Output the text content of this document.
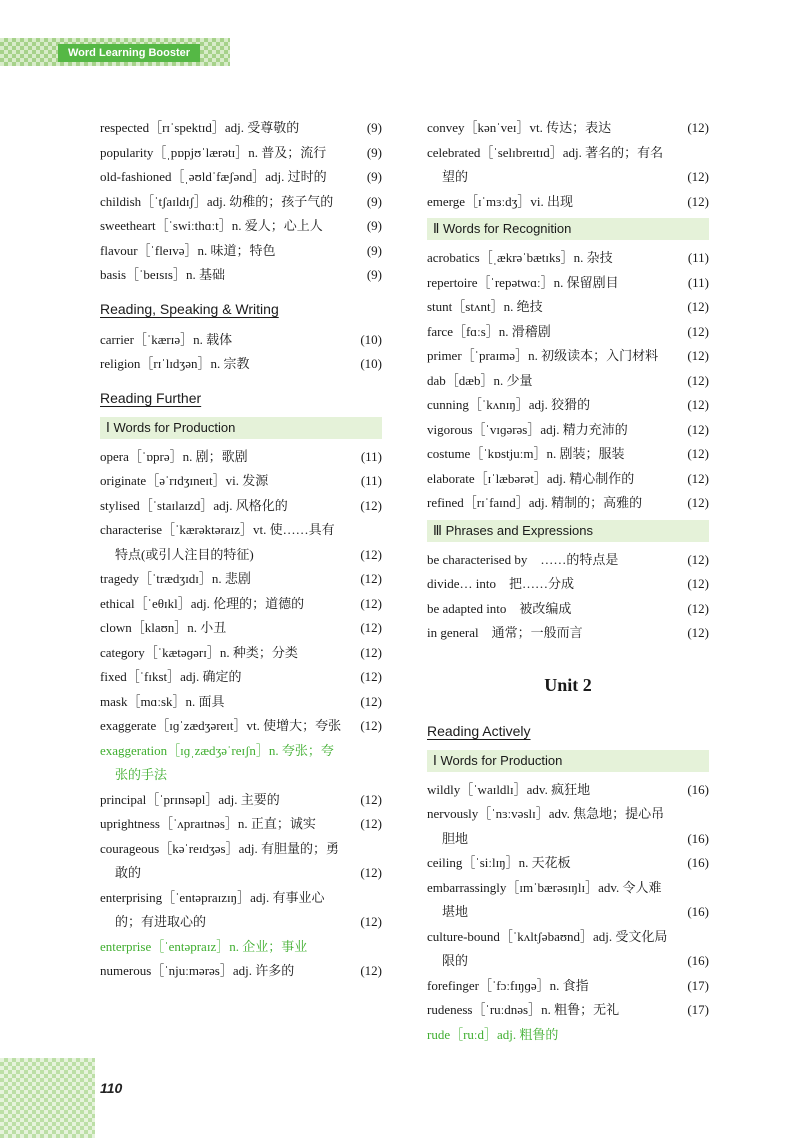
Word Learning Booster
respected［rɪˈspektɪd］adj. 受尊敬的	(9)
popularity［ˌpɒpjʊˈlærətɪ］n. 普及；流行	(9)
old-fashioned［ˌəʊldˈfæʃənd］adj. 过时的	(9)
childish［ˈtʃaɪldɪʃ］adj. 幼稚的；孩子气的	(9)
sweetheart［ˈswiːthɑːt］n. 爱人；心上人	(9)
flavour［ˈfleɪvə］n. 味道；特色	(9)
basis［ˈbeɪsɪs］n. 基础	(9)
Reading, Speaking & Writing
carrier［ˈkærɪə］n. 载体	(10)
religion［rɪˈlɪdʒən］n. 宗教	(10)
Reading Further
Ⅰ Words for Production
opera［ˈɒprə］n. 剧；歌剧	(11)
originate［əˈrɪdʒɪneɪt］vi. 发源	(11)
stylised［ˈstaɪlaɪzd］adj. 风格化的	(12)
characterise［ˈkærəktəraɪz］vt. 使……具有特点(或引人注目的特征)	(12)
tragedy［ˈtrædʒɪdɪ］n. 悲剧	(12)
ethical［ˈeθɪkl］adj. 伦理的；道德的	(12)
clown［klaʊn］n. 小丑	(12)
category［ˈkætəɡərɪ］n. 种类；分类	(12)
fixed［ˈfɪkst］adj. 确定的	(12)
mask［mɑːsk］n. 面具	(12)
exaggerate［ɪɡˈzædʒəreɪt］vt. 使增大；夸张	(12)
exaggeration［ɪɡˌzædʒəˈreɪʃn］n. 夸张；夸张的手法
principal［ˈprɪnsəpl］adj. 主要的	(12)
uprightness［ˈʌpraɪtnəs］n. 正直；诚实	(12)
courageous［kəˈreɪdʒəs］adj. 有胆量的；勇敢的	(12)
enterprising［ˈentəpraɪzɪŋ］adj. 有事业心的；有进取心的	(12)
enterprise［ˈentəpraɪz］n. 企业；事业
numerous［ˈnjuːmərəs］adj. 许多的	(12)
convey［kənˈveɪ］vt. 传达；表达	(12)
celebrated［ˈselɪbreɪtɪd］adj. 著名的；有名望的	(12)
emerge［ɪˈmɜːdʒ］vi. 出现	(12)
Ⅱ Words for Recognition
acrobatics［ˌækrəˈbætɪks］n. 杂技	(11)
repertoire［ˈrepətwɑː］n. 保留剧目	(11)
stunt［stʌnt］n. 绝技	(12)
farce［fɑːs］n. 滑稽剧	(12)
primer［ˈpraɪmə］n. 初级读本；入门材料 (12)
dab［dæb］n. 少量	(12)
cunning［ˈkʌnɪŋ］adj. 狡猾的	(12)
vigorous［ˈvɪɡərəs］adj. 精力充沛的	(12)
costume［ˈkɒstjuːm］n. 剧装；服装	(12)
elaborate［ɪˈlæbərət］adj. 精心制作的	(12)
refined［rɪˈfaɪnd］adj. 精制的；高雅的	(12)
Ⅲ Phrases and Expressions
be characterised by　……的特点是	(12)
divide… into　把……分成	(12)
be adapted into　被改编成	(12)
in general　通常；一般而言	(12)
Unit 2
Reading Actively
Ⅰ Words for Production
wildly［ˈwaɪldlɪ］adv. 疯狂地	(16)
nervously［ˈnɜːvəslɪ］adv. 焦急地；提心吊胆地	(16)
ceiling［ˈsiːlɪŋ］n. 天花板	(16)
embarrassingly［ɪmˈbærəsɪŋlɪ］adv. 令人难堪地	(16)
culture-bound［ˈkʌltʃəbaʊnd］adj. 受文化局限的	(16)
forefinger［ˈfɔːfɪŋɡə］n. 食指	(17)
rudeness［ˈruːdnəs］n. 粗鲁；无礼	(17)
rude［ruːd］adj. 粗鲁的
110
